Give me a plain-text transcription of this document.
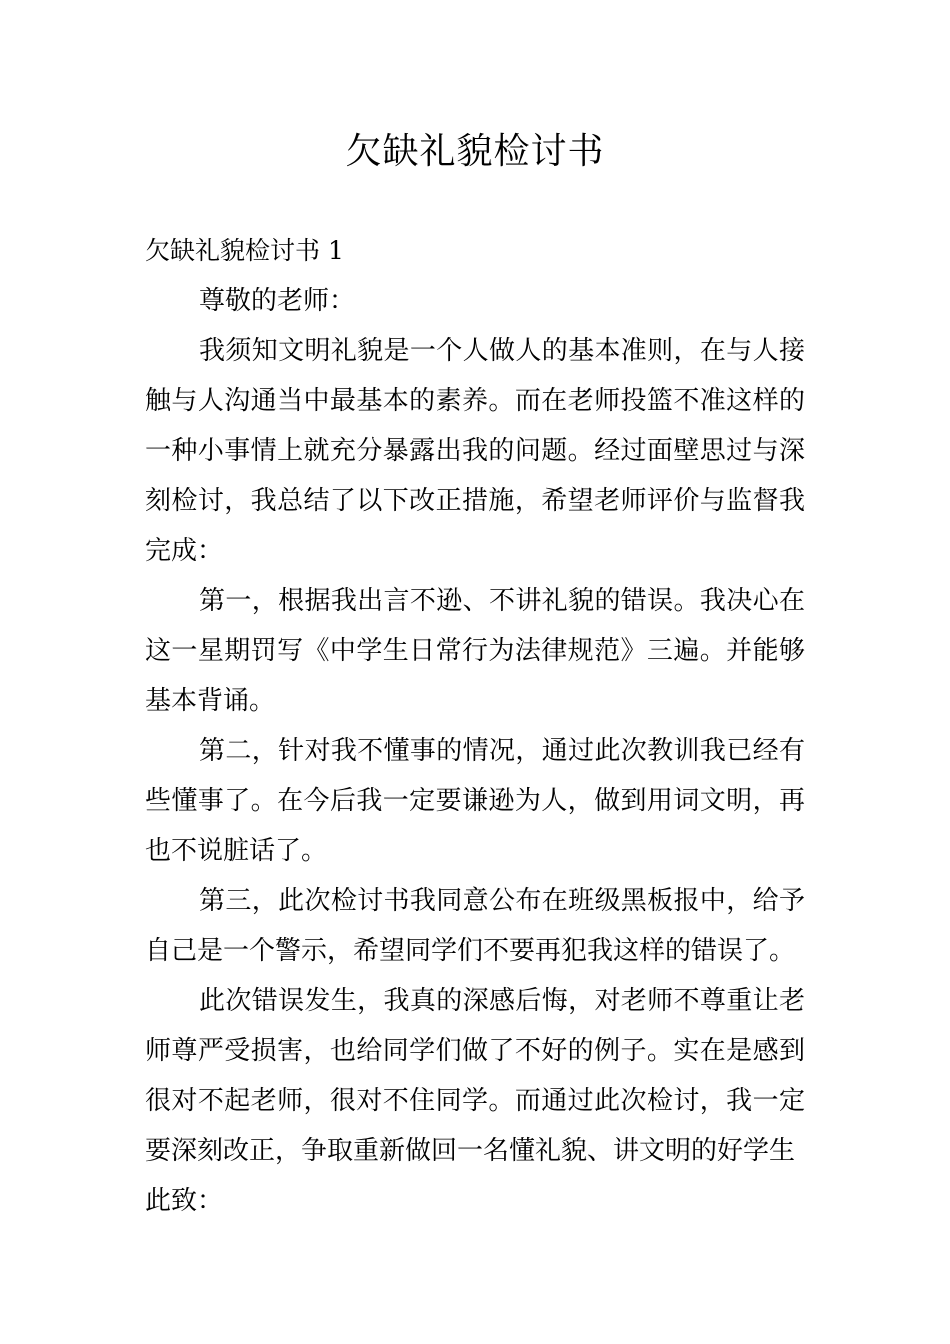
欠缺礼貌检讨书

欠缺礼貌检讨书 1

尊敬的老师：

我须知文明礼貌是一个人做人的基本准则，在与人接触与人沟通当中最基本的素养。而在老师投篮不准这样的一种小事情上就充分暴露出我的问题。经过面壁思过与深刻检讨，我总结了以下改正措施，希望老师评价与监督我完成：

第一，根据我出言不逊、不讲礼貌的错误。我决心在这一星期罚写《中学生日常行为法律规范》三遍。并能够基本背诵。

第二，针对我不懂事的情况，通过此次教训我已经有些懂事了。在今后我一定要谦逊为人，做到用词文明，再也不说脏话了。

第三，此次检讨书我同意公布在班级黑板报中，给予自己是一个警示，希望同学们不要再犯我这样的错误了。

此次错误发生，我真的深感后悔，对老师不尊重让老师尊严受损害，也给同学们做了不好的例子。实在是感到很对不起老师，很对不住同学。而通过此次检讨，我一定要深刻改正，争取重新做回一名懂礼貌、讲文明的好学生

此致：
